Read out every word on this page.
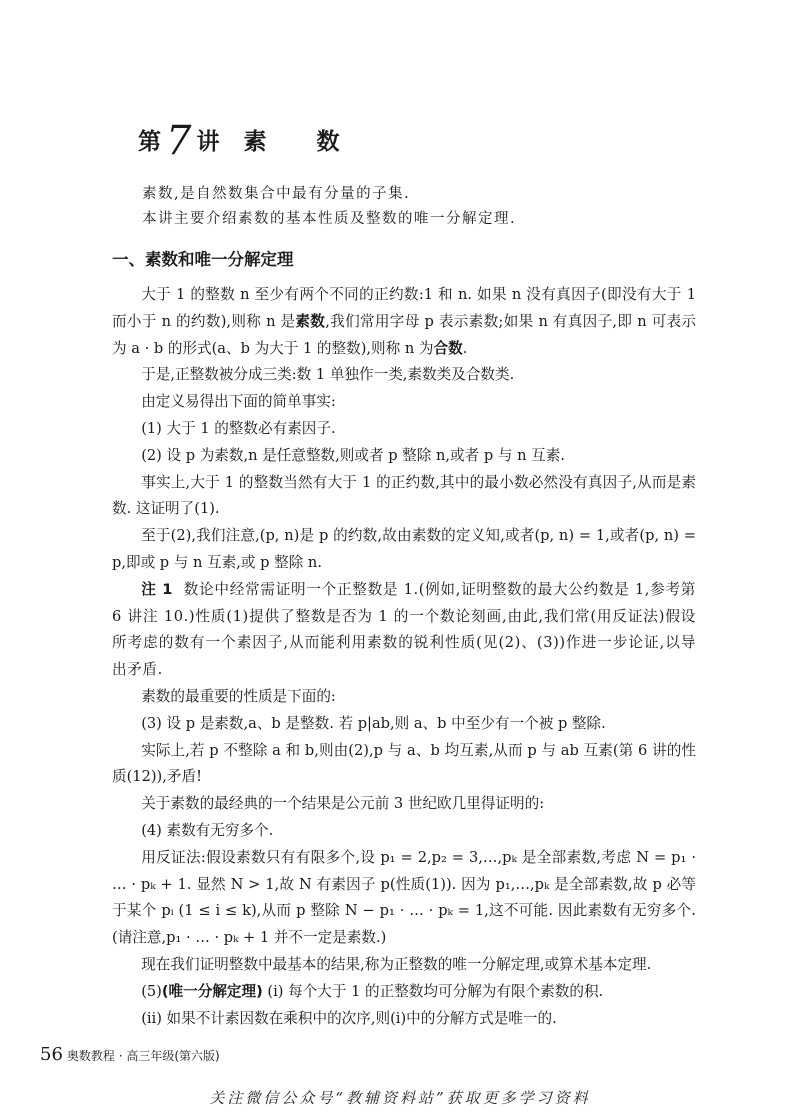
第7 讲 素 数

素数,是自然数集合中最有分量的子集.

本讲主要介绍素数的基本性质及整数的唯一分解定理.

一、素数和唯一分解定理

大于 1 的整数 n 至少有两个不同的正约数:1 和 n. 如果 n 没有真因子(即没有大于 1 而小于 n 的约数),则称 n 是素数,我们常用字母 p 表示素数;如果 n 有真因子,即 n 可表示为 a · b 的形式(a、b 为大于 1 的整数),则称 n 为合数.

于是,正整数被分成三类:数 1 单独作一类,素数类及合数类.

由定义易得出下面的简单事实:

(1) 大于 1 的整数必有素因子.

(2) 设 p 为素数,n 是任意整数,则或者 p 整除 n,或者 p 与 n 互素.

事实上,大于 1 的整数当然有大于 1 的正约数,其中的最小数必然没有真因子,从而是素数. 这证明了(1).

至于(2),我们注意,(p, n)是 p 的约数,故由素数的定义知,或者(p, n) = 1,或者(p, n) = p,即或 p 与 n 互素,或 p 整除 n.

注 1 数论中经常需证明一个正整数是 1.(例如,证明整数的最大公约数是 1,参考第 6 讲注 10.)性质(1)提供了整数是否为 1 的一个数论刻画,由此,我们常(用反证法)假设所考虑的数有一个素因子,从而能利用素数的锐利性质(见(2)、(3))作进一步论证,以导出矛盾.

素数的最重要的性质是下面的:

(3) 设 p 是素数,a、b 是整数. 若 p|ab,则 a、b 中至少有一个被 p 整除.

实际上,若 p 不整除 a 和 b,则由(2),p 与 a、b 均互素,从而 p 与 ab 互素(第 6 讲的性质(12)),矛盾!

关于素数的最经典的一个结果是公元前 3 世纪欧几里得证明的:

(4) 素数有无穷多个.

用反证法:假设素数只有有限多个,设 p₁ = 2,p₂ = 3,…,pₖ 是全部素数,考虑 N = p₁ · … · pₖ + 1. 显然 N > 1,故 N 有素因子 p(性质(1)). 因为 p₁,…,pₖ 是全部素数,故 p 必等于某个 pᵢ (1 ≤ i ≤ k),从而 p 整除 N − p₁ · … · pₖ = 1,这不可能. 因此素数有无穷多个.(请注意,p₁ · … · pₖ + 1 并不一定是素数.)

现在我们证明整数中最基本的结果,称为正整数的唯一分解定理,或算术基本定理.

(5)(唯一分解定理) (i) 每个大于 1 的正整数均可分解为有限个素数的积.

(ii) 如果不计素因数在乘积中的次序,则(i)中的分解方式是唯一的.

56 奥数教程 · 高三年级(第六版)
关注微信公众号“教辅资料站”获取更多学习资料
